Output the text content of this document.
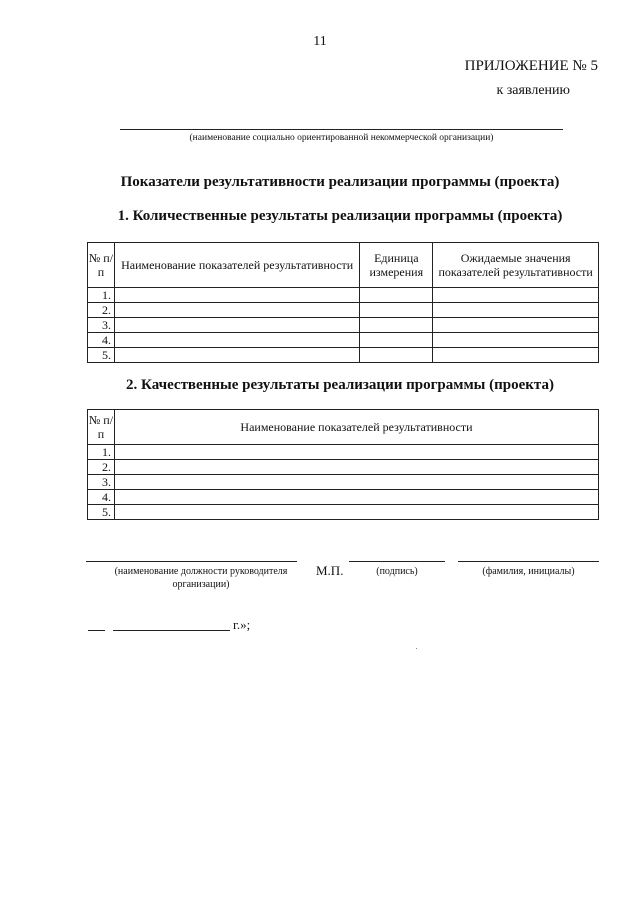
11
ПРИЛОЖЕНИЕ № 5
к заявлению
(наименование социально ориентированной некоммерческой организации)
Показатели результативности реализации программы (проекта)
1. Количественные результаты реализации программы (проекта)
№ п/п	Наименование показателей результативности	Единица измерения	Ожидаемые значения показателей результативности
1.			
2.			
3.			
4.			
5.			
2. Качественные результаты реализации программы (проекта)
№ п/п	Наименование показателей результативности
1.	
2.	
3.	
4.	
5.	
(наименование должности руководителя организации)
М.П.	(подпись)	(фамилия, инициалы)
г.»;
